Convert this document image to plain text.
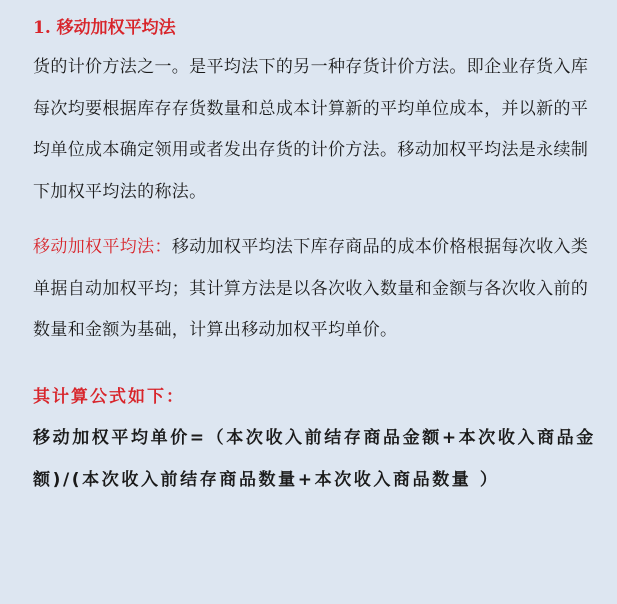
1. 移动加权平均法

货的计价方法之一。是平均法下的另一种存货计价方法。即企业存货入库每次均要根据库存存货数量和总成本计算新的平均单位成本，并以新的平均单位成本确定领用或者发出存货的计价方法。移动加权平均法是永续制下加权平均法的称法。

移动加权平均法：移动加权平均法下库存商品的成本价格根据每次收入类单据自动加权平均；其计算方法是以各次收入数量和金额与各次收入前的数量和金额为基础，计算出移动加权平均单价。

其计算公式如下：

移动加权平均单价=（本次收入前结存商品金额+本次收入商品金额)/(本次收入前结存商品数量+本次收入商品数量 ）
